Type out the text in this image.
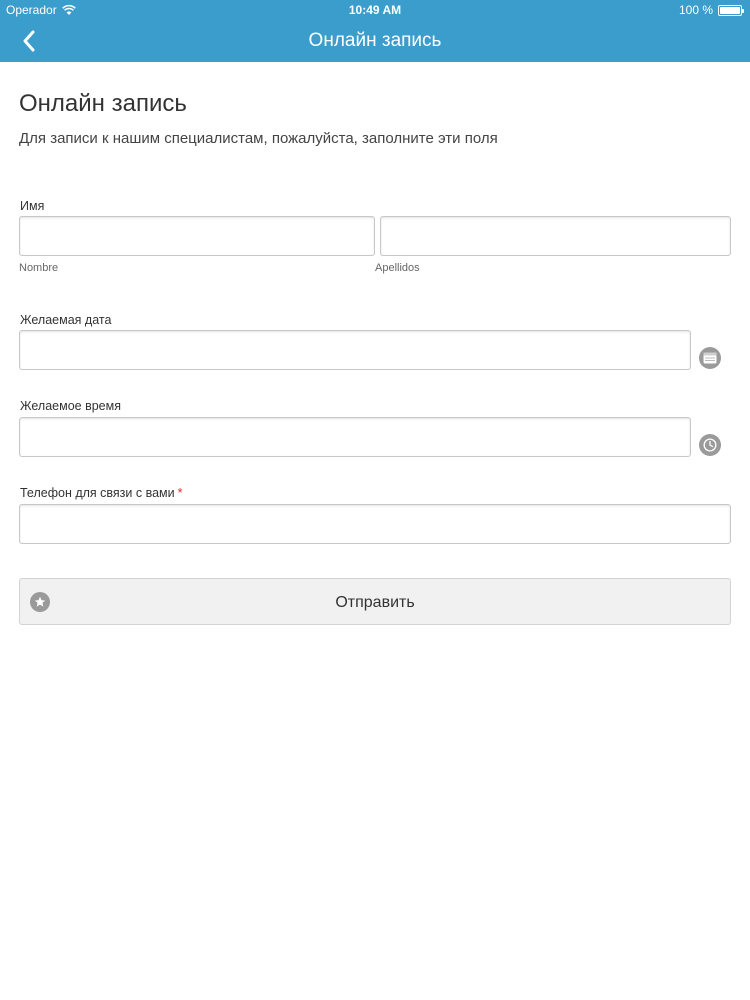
Operador	10:49 AM	100 %
Онлайн запись
Онлайн запись

Для записи к нашим специалистам, пожалуйста, заполните эти поля

Имя
Nombre	Apellidos
Желаемая дата
Желаемое время
Телефон для связи с вами *
Отправить
